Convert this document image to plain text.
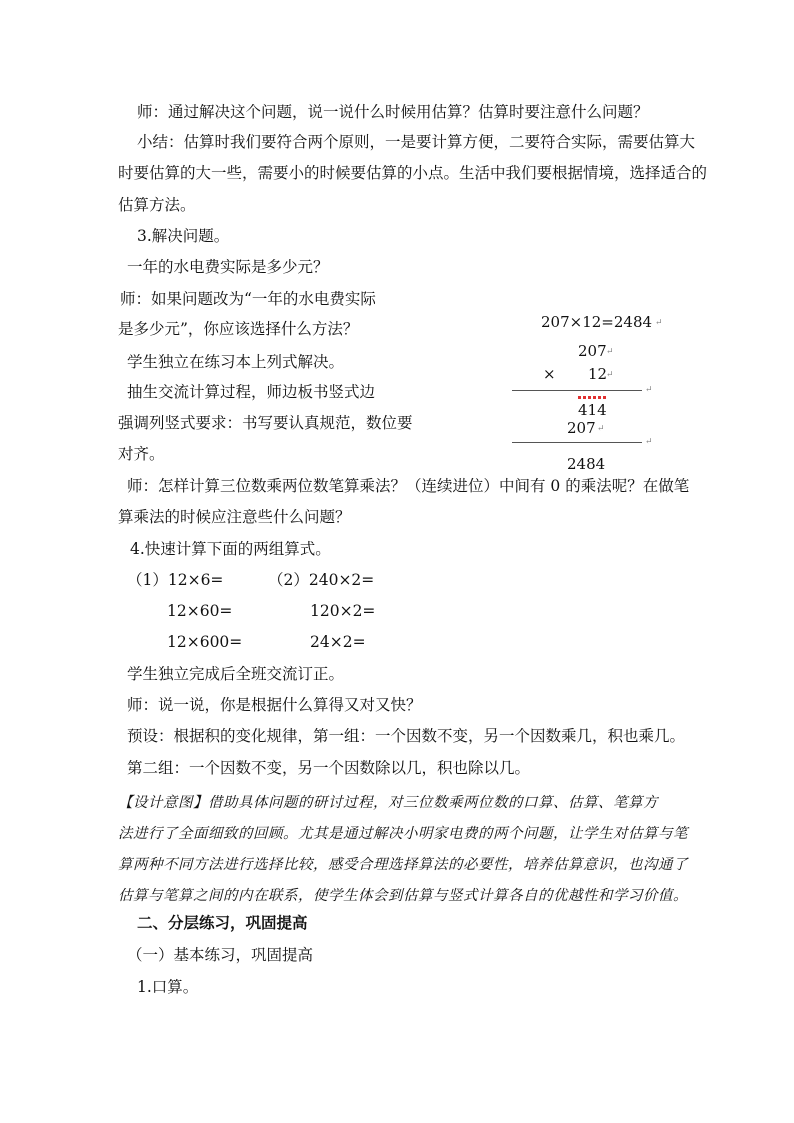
师：通过解决这个问题，说一说什么时候用估算？估算时要注意什么问题？
小结：估算时我们要符合两个原则，一是要计算方便，二要符合实际，需要估算大
时要估算的大一些，需要小的时候要估算的小点。生活中我们要根据情境，选择适合的
估算方法。
3.解决问题。
一年的水电费实际是多少元？
师：如果问题改为“一年的水电费实际
是多少元”，你应该选择什么方法？
学生独立在练习本上列式解决。
抽生交流计算过程，师边板书竖式边
强调列竖式要求：书写要认真规范，数位要
对齐。
师：怎样计算三位数乘两位数笔算乘法？（连续进位）中间有 0 的乘法呢？在做笔
算乘法的时候应注意些什么问题？
4.快速计算下面的两组算式。
（1）12×6=	（2）240×2=
12×60=	120×2=
12×600=	24×2=
学生独立完成后全班交流订正。
师：说一说，你是根据什么算得又对又快？
预设：根据积的变化规律，第一组：一个因数不变，另一个因数乘几，积也乘几。
第二组：一个因数不变，另一个因数除以几，积也除以几。
【设计意图】借助具体问题的研讨过程，对三位数乘两位数的口算、估算、笔算方
法进行了全面细致的回顾。尤其是通过解决小明家电费的两个问题，让学生对估算与笔
算两种不同方法进行选择比较，感受合理选择算法的必要性，培养估算意识，也沟通了
估算与笔算之间的内在联系，使学生体会到估算与竖式计算各自的优越性和学习价值。
二、分层练习，巩固提高
（一）基本练习，巩固提高
1.口算。
207×12=2484 ↵
207 ↵
× 12
↵
↵
414
207 ↵
↵
2484
